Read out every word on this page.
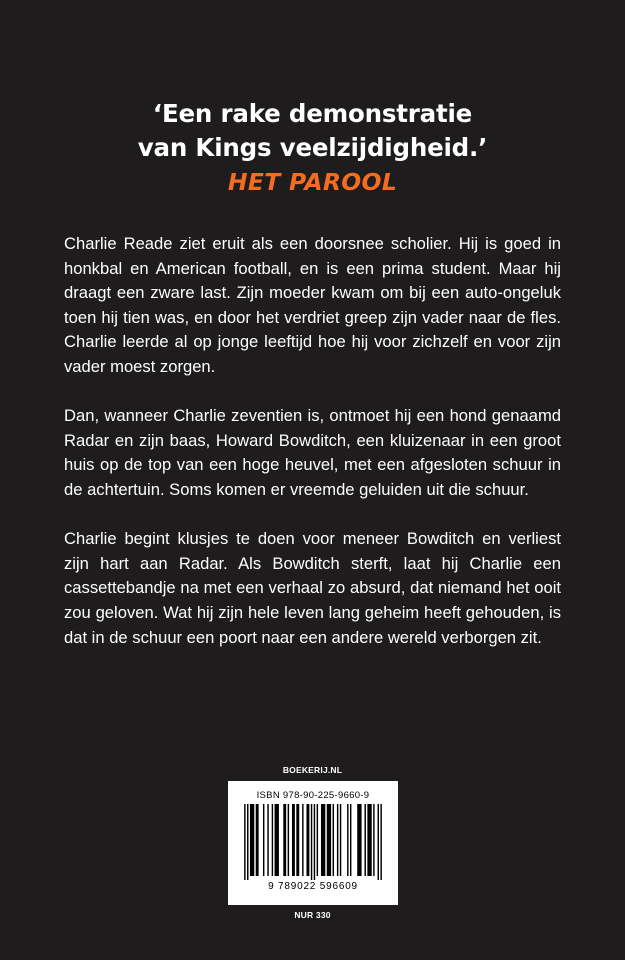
‘Een rake demonstratie
van Kings veelzijdigheid.’
HET PAROOL

Charlie Reade ziet eruit als een doorsnee scholier. Hij is goed in honkbal en American football, en is een prima student. Maar hij draagt een zware last. Zijn moeder kwam om bij een auto-ongeluk toen hij tien was, en door het verdriet greep zijn vader naar de fles. Charlie leerde al op jonge leeftijd hoe hij voor zichzelf en voor zijn vader moest zorgen.

Dan, wanneer Charlie zeventien is, ontmoet hij een hond genaamd Radar en zijn baas, Howard Bowditch, een kluizenaar in een groot huis op de top van een hoge heuvel, met een afgesloten schuur in de achtertuin. Soms komen er vreemde geluiden uit die schuur.

Charlie begint klusjes te doen voor meneer Bowditch en verliest zijn hart aan Radar. Als Bowditch sterft, laat hij Charlie een cassettebandje na met een verhaal zo absurd, dat niemand het ooit zou geloven. Wat hij zijn hele leven lang geheim heeft gehouden, is dat in de schuur een poort naar een andere wereld verborgen zit.

BOEKERIJ.NL
ISBN 978-90-225-9660-9
9 789022 596609
NUR 330
